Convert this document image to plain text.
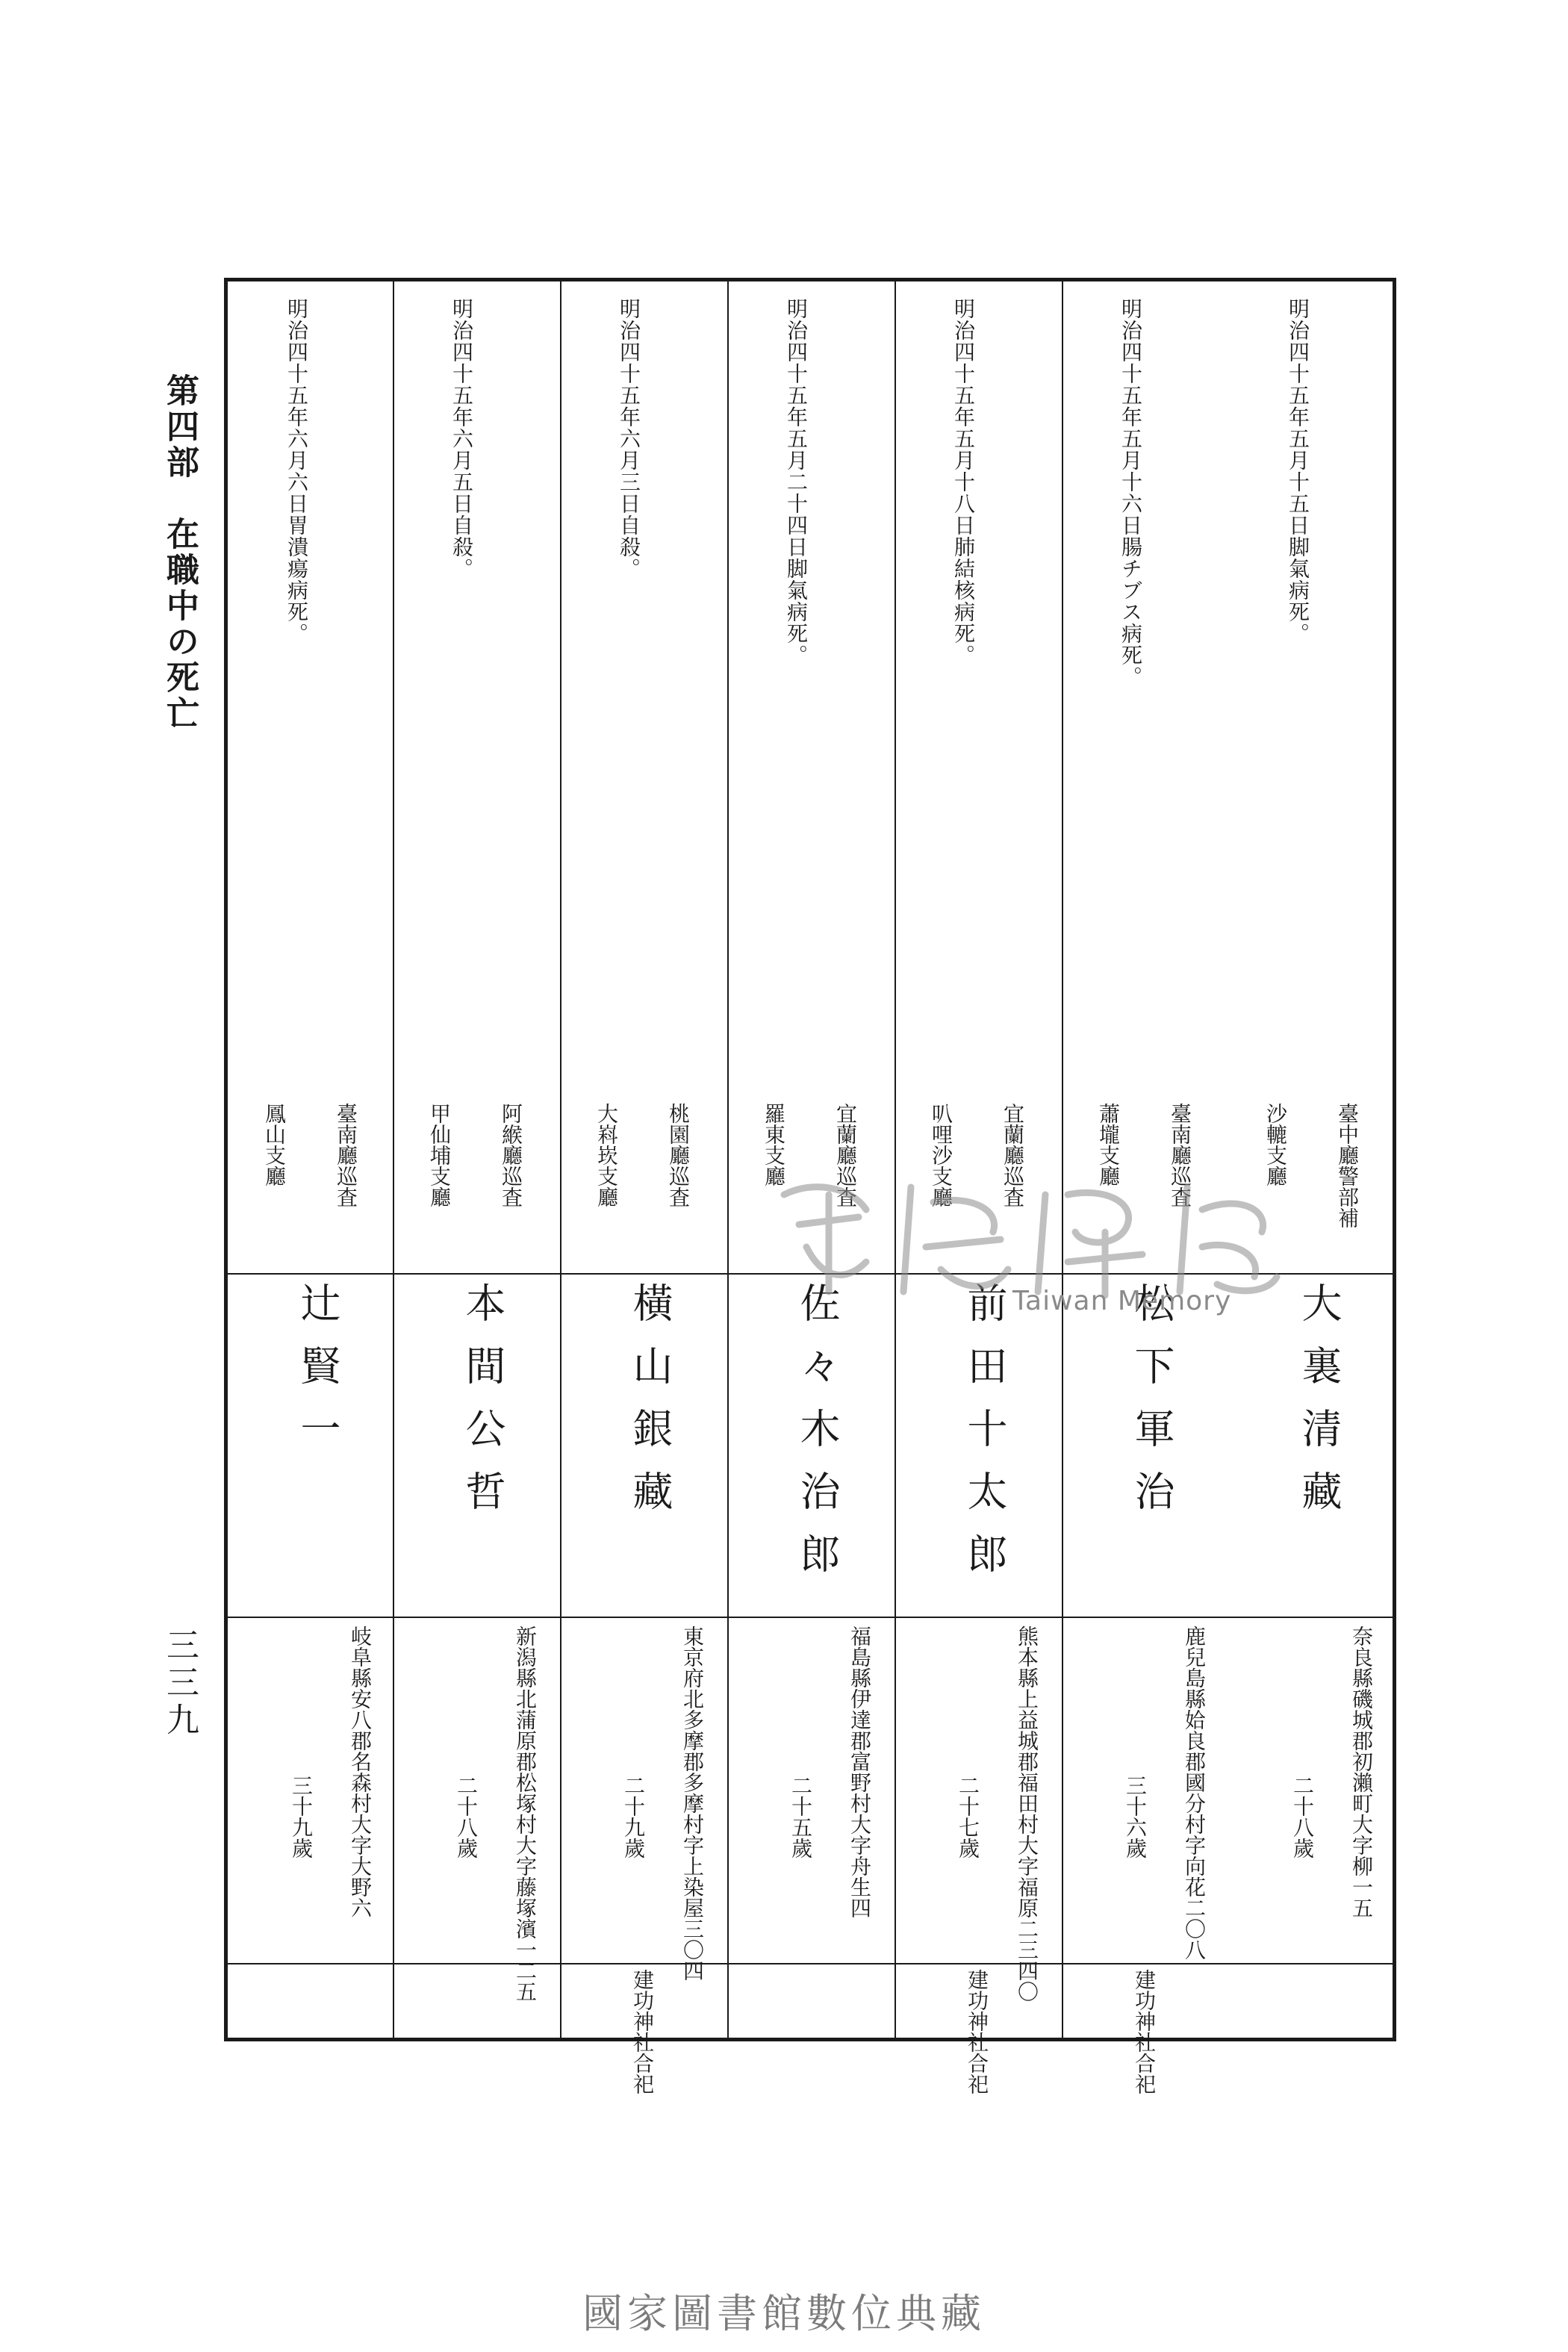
第四部　在職中の死亡
三三九
明治四十五年五月十五日脚氣病死。
臺中廳警部補
沙轆支廳
大裏清藏
奈良縣磯城郡初瀨町大字柳一五
二十八歲
明治四十五年五月十六日腸チブス病死。
臺南廳巡査
蕭壠支廳
松下軍治
鹿兒島縣姶良郡國分村字向花二〇八
三十六歲
建功神社合祀
明治四十五年五月十八日肺結核病死。
宜蘭廳巡査
叭哩沙支廳
前田十太郎
熊本縣上益城郡福田村大字福原二三四〇
二十七歲
建功神社合祀
明治四十五年五月二十四日脚氣病死。
宜蘭廳巡査
羅東支廳
佐々木治郎
福島縣伊達郡富野村大字舟生四
二十五歲
明治四十五年六月三日自殺。
桃園廳巡査
大嵙崁支廳
橫山銀藏
東京府北多摩郡多摩村字上染屋三〇四
二十九歲
建功神社合祀
明治四十五年六月五日自殺。
阿緱廳巡査
甲仙埔支廳
本間公哲
新潟縣北蒲原郡松塚村大字藤塚濱一二五
二十八歲
明治四十五年六月六日胃潰瘍病死。
臺南廳巡査
鳳山支廳
辻賢一
岐阜縣安八郡名森村大字大野六
三十九歲
Taiwan Memory
國家圖書館數位典藏
